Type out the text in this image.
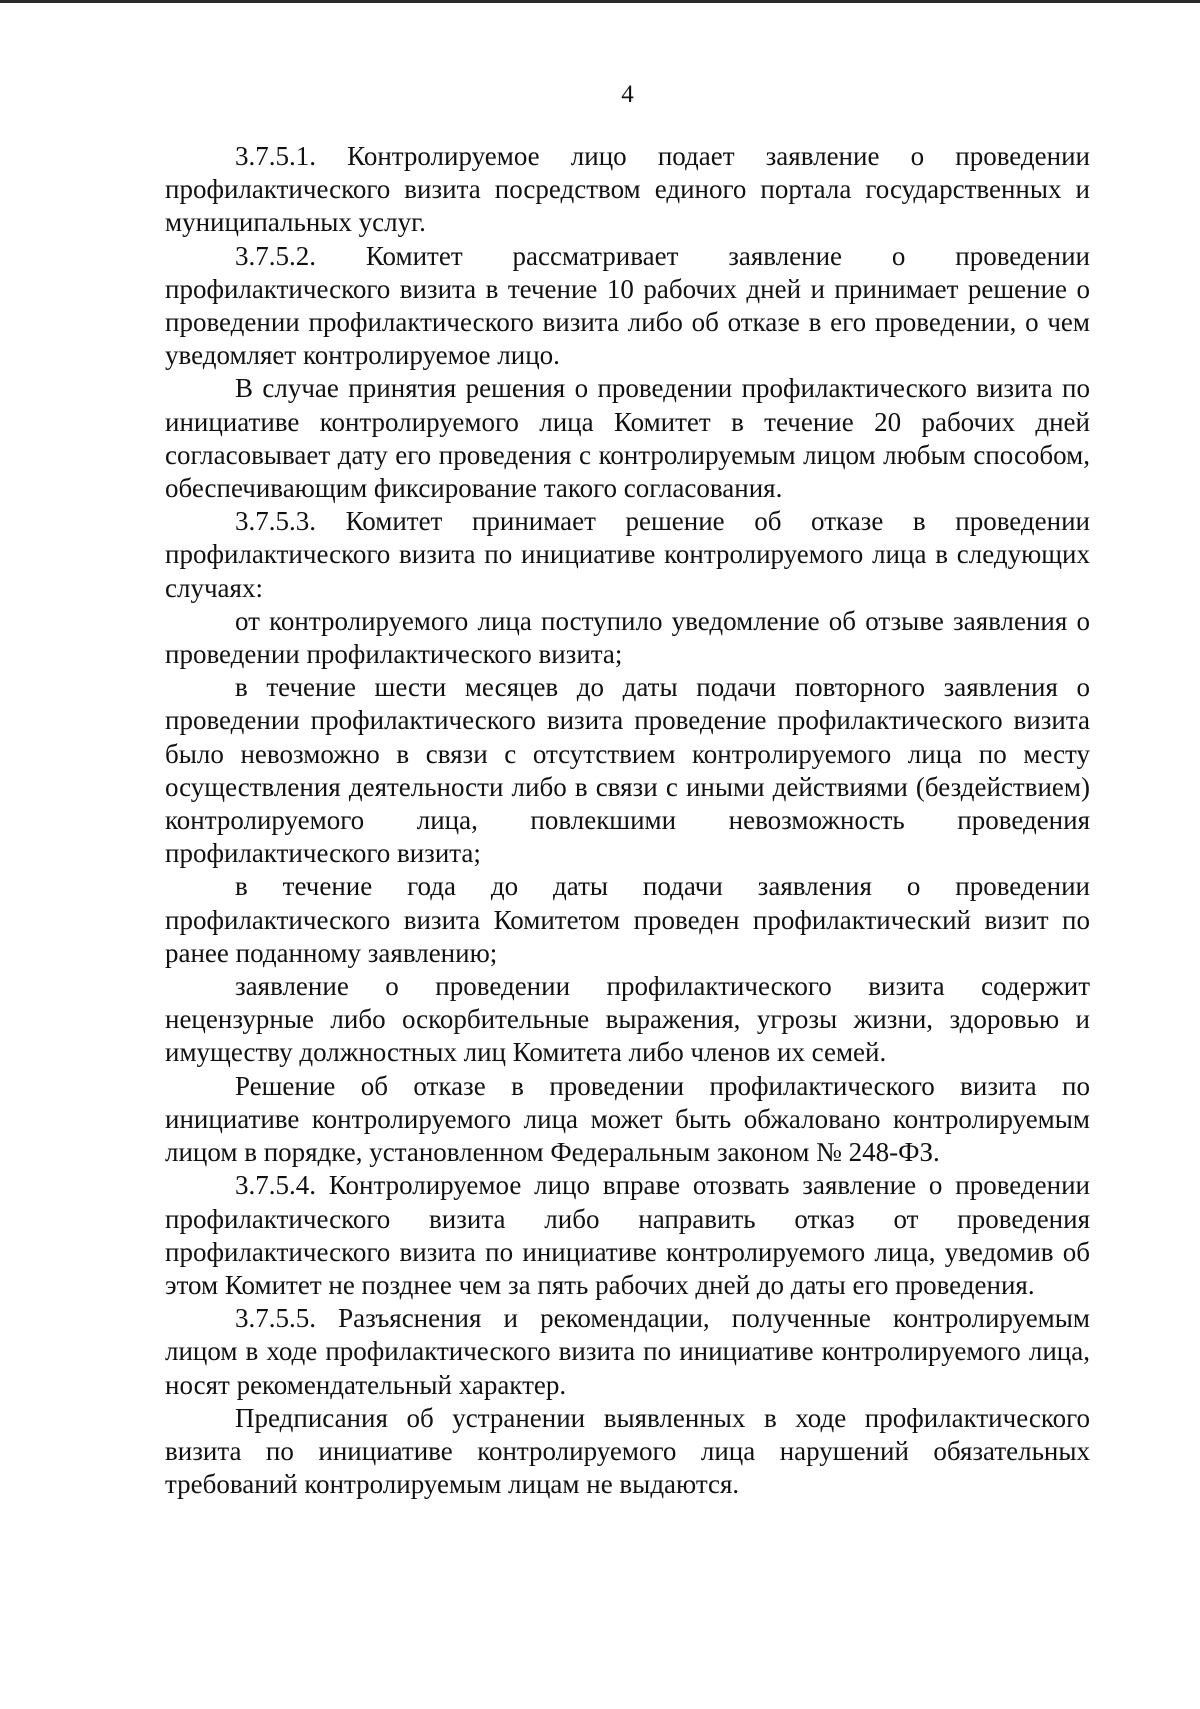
4

3.7.5.1. Контролируемое лицо подает заявление о проведении профилактического визита посредством единого портала государственных и муниципальных услуг.

3.7.5.2. Комитет рассматривает заявление о проведении профилактического визита в течение 10 рабочих дней и принимает решение о проведении профилактического визита либо об отказе в его проведении, о чем уведомляет контролируемое лицо.

В случае принятия решения о проведении профилактического визита по инициативе контролируемого лица Комитет в течение 20 рабочих дней согласовывает дату его проведения с контролируемым лицом любым способом, обеспечивающим фиксирование такого согласования.

3.7.5.3. Комитет принимает решение об отказе в проведении профилактического визита по инициативе контролируемого лица в следующих случаях:

от контролируемого лица поступило уведомление об отзыве заявления о проведении профилактического визита;

в течение шести месяцев до даты подачи повторного заявления о проведении профилактического визита проведение профилактического визита было невозможно в связи с отсутствием контролируемого лица по месту осуществления деятельности либо в связи с иными действиями (бездействием) контролируемого лица, повлекшими невозможность проведения профилактического визита;

в течение года до даты подачи заявления о проведении профилактического визита Комитетом проведен профилактический визит по ранее поданному заявлению;

заявление о проведении профилактического визита содержит нецензурные либо оскорбительные выражения, угрозы жизни, здоровью и имуществу должностных лиц Комитета либо членов их семей.

Решение об отказе в проведении профилактического визита по инициативе контролируемого лица может быть обжаловано контролируемым лицом в порядке, установленном Федеральным законом № 248-ФЗ.

3.7.5.4. Контролируемое лицо вправе отозвать заявление о проведении профилактического визита либо направить отказ от проведения профилактического визита по инициативе контролируемого лица, уведомив об этом Комитет не позднее чем за пять рабочих дней до даты его проведения.

3.7.5.5. Разъяснения и рекомендации, полученные контролируемым лицом в ходе профилактического визита по инициативе контролируемого лица, носят рекомендательный характер.

Предписания об устранении выявленных в ходе профилактического визита по инициативе контролируемого лица нарушений обязательных требований контролируемым лицам не выдаются.
